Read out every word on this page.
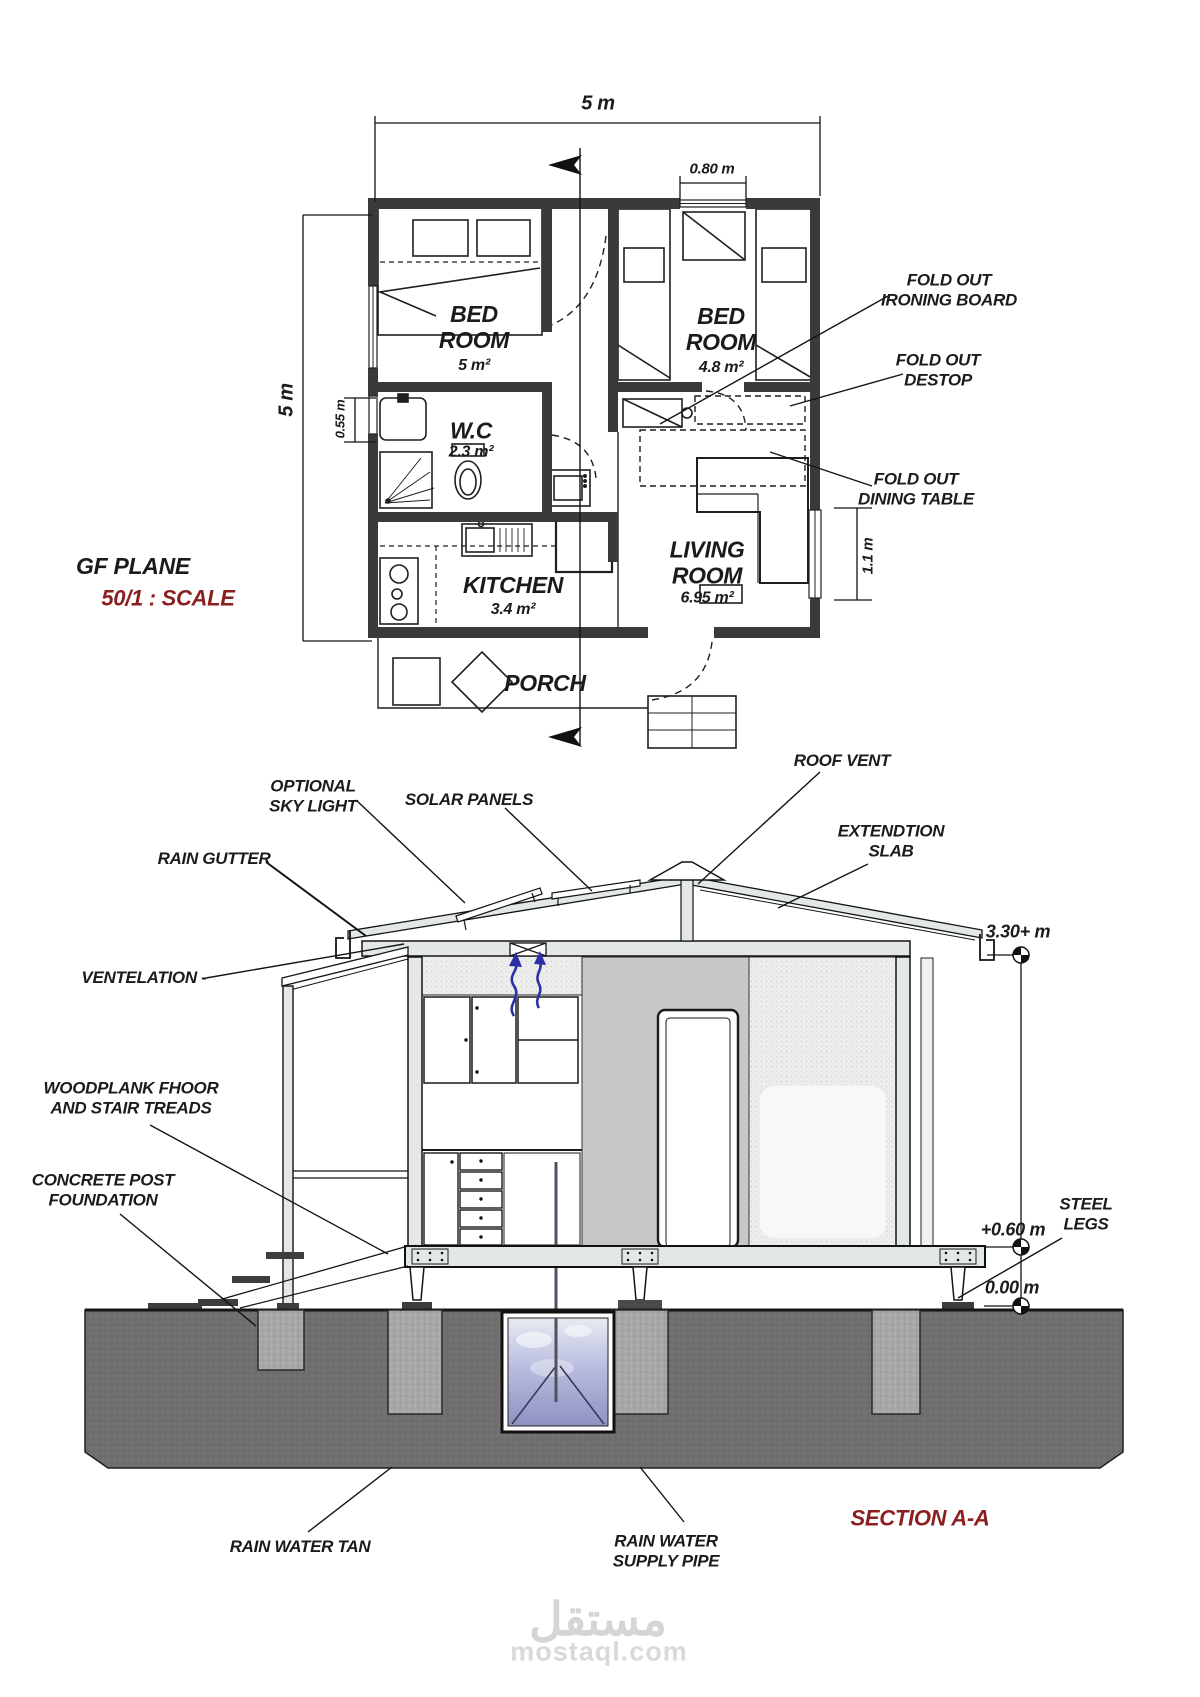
5 m
5 m
0.80 m
0.55 m
1.1 m
BED
ROOM
5 m²
BED
ROOM
4.8 m²
W.C
2.3 m²
KITCHEN
3.4 m²
LIVING
ROOM
6.95 m²
PORCH
FOLD OUT
IRONING BOARD
FOLD OUT
DESTOP
FOLD OUT
DINING TABLE
GF PLANE
50/1 : SCALE
OPTIONAL
SKY LIGHT	SOLAR PANELS
ROOF VENT
RAIN GUTTER
EXTENDTION
SLAB
VENTELATION -
WOODPLANK FHOOR
AND STAIR TREADS
CONCRETE POST
FOUNDATION	STEEL
LEGS
3.30+ m
+0.60 m
0.00 m
RAIN WATER TAN	RAIN WATER
SUPPLY PIPE
SECTION A-A
مستقل
mostaql.com
